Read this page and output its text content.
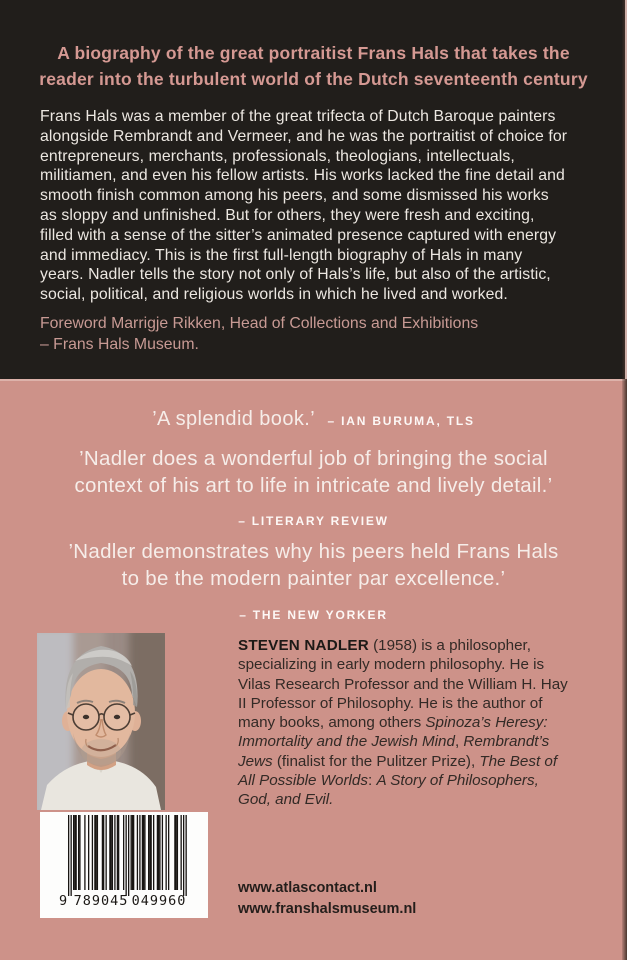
A biography of the great portraitist Frans Hals that takes the
reader into the turbulent world of the Dutch seventeenth century

Frans Hals was a member of the great trifecta of Dutch Baroque painters alongside Rembrandt and Vermeer, and he was the portraitist of choice for entrepreneurs, merchants, professionals, theologians, intellectuals, militiamen, and even his fellow artists. His works lacked the fine detail and smooth finish common among his peers, and some dismissed his works as sloppy and unfinished. But for others, they were fresh and exciting, filled with a sense of the sitter’s animated presence captured with energy and immediacy. This is the first full-length biography of Hals in many years. Nadler tells the story not only of Hals’s life, but also of the artistic, social, political, and religious worlds in which he lived and worked.

Foreword Marrigje Rikken, Head of Collections and Exhibitions
– Frans Hals Museum.
’A splendid book.’ – IAN BURUMA, TLS
’Nadler does a wonderful job of bringing the social
context of his art to life in intricate and lively detail.’
– LITERARY REVIEW
’Nadler demonstrates why his peers held Frans Hals
to be the modern painter par excellence.’
– THE NEW YORKER

STEVEN NADLER (1958) is a philosopher, specializing in early modern philosophy. He is Vilas Research Professor and the William H. Hay II Professor of Philosophy. He is the author of many books, among others Spinoza’s Heresy: Immortality and the Jewish Mind, Rembrandt’s Jews (finalist for the Pulitzer Prize), The Best of All Possible Worlds: A Story of Philosophers, God, and Evil.

9 789045 049960
www.atlascontact.nl
www.franshalsmuseum.nl
